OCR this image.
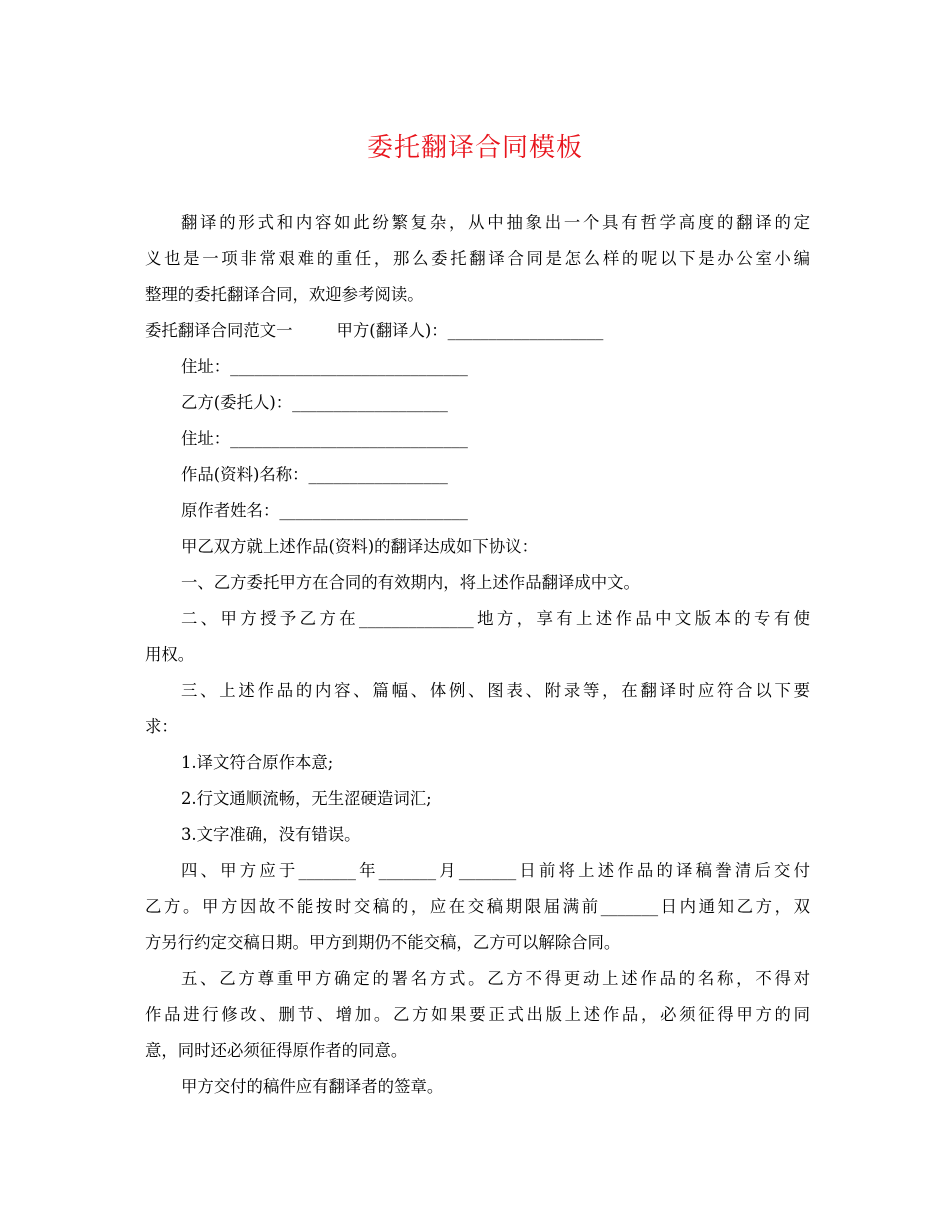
委托翻译合同模板
翻译的形式和内容如此纷繁复杂，从中抽象出一个具有哲学高度的翻译的定
义也是一项非常艰难的重任，那么委托翻译合同是怎么样的呢以下是办公室小编
整理的委托翻译合同，欢迎参考阅读。
委托翻译合同范文一	甲方(翻译人)：___________________
住址：_____________________________
乙方(委托人)：___________________
住址：_____________________________
作品(资料)名称：_________________
原作者姓名：_______________________
甲乙双方就上述作品(资料)的翻译达成如下协议：
一、乙方委托甲方在合同的有效期内，将上述作品翻译成中文。
二、甲方授予乙方在______________地方，享有上述作品中文版本的专有使
用权。
三、上述作品的内容、篇幅、体例、图表、附录等，在翻译时应符合以下要
求：
1.译文符合原作本意;
2.行文通顺流畅，无生涩硬造词汇;
3.文字准确，没有错误。
四、甲方应于_______年_______月_______日前将上述作品的译稿誊清后交付
乙方。甲方因故不能按时交稿的，应在交稿期限届满前_______日内通知乙方，双
方另行约定交稿日期。甲方到期仍不能交稿，乙方可以解除合同。
五、乙方尊重甲方确定的署名方式。乙方不得更动上述作品的名称，不得对
作品进行修改、删节、增加。乙方如果要正式出版上述作品，必须征得甲方的同
意，同时还必须征得原作者的同意。
甲方交付的稿件应有翻译者的签章。
